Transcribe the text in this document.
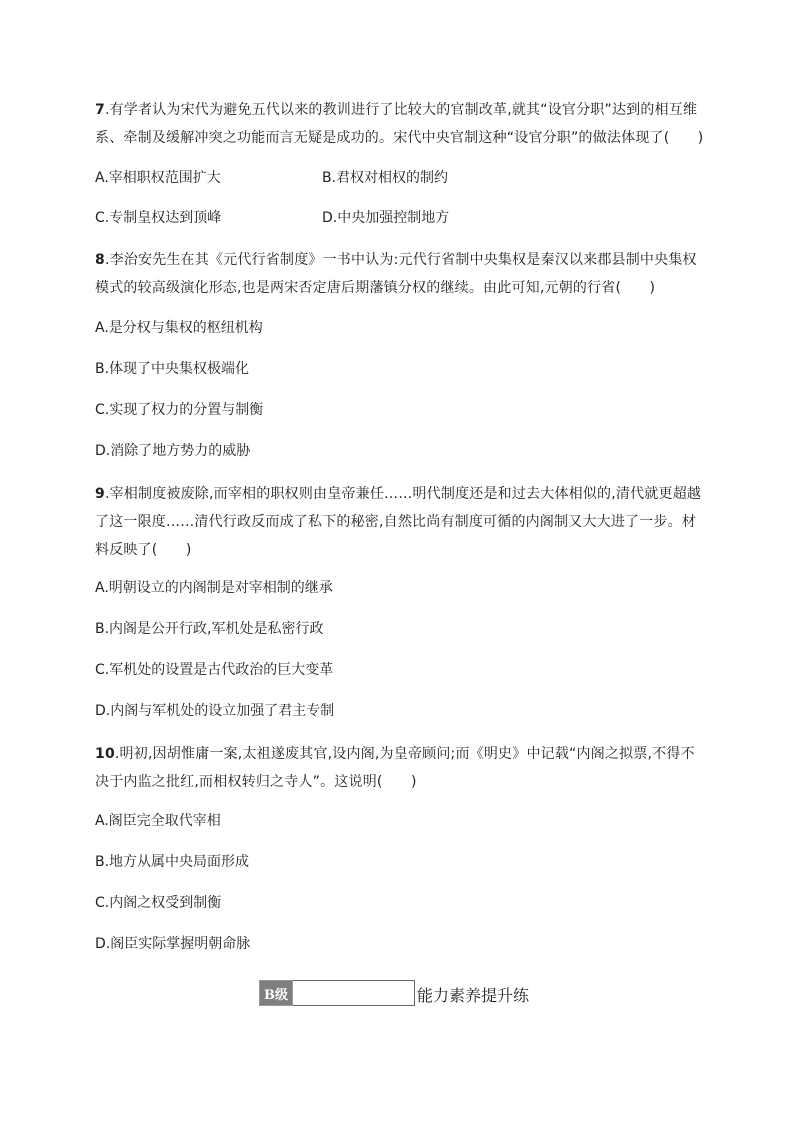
7.有学者认为宋代为避免五代以来的教训进行了比较大的官制改革,就其“设官分职”达到的相互维系、牵制及缓解冲突之功能而言无疑是成功的。宋代中央官制这种“设官分职”的做法体现了(　　)
A.宰相职权范围扩大	B.君权对相权的制约
C.专制皇权达到顶峰	D.中央加强控制地方
8.李治安先生在其《元代行省制度》一书中认为:元代行省制中央集权是秦汉以来郡县制中央集权模式的较高级演化形态,也是两宋否定唐后期藩镇分权的继续。由此可知,元朝的行省(　　)
A.是分权与集权的枢纽机构
B.体现了中央集权极端化
C.实现了权力的分置与制衡
D.消除了地方势力的威胁
9.宰相制度被废除,而宰相的职权则由皇帝兼任……明代制度还是和过去大体相似的,清代就更超越了这一限度……清代行政反而成了私下的秘密,自然比尚有制度可循的内阁制又大大进了一步。材料反映了(　　)
A.明朝设立的内阁制是对宰相制的继承
B.内阁是公开行政,军机处是私密行政
C.军机处的设置是古代政治的巨大变革
D.内阁与军机处的设立加强了君主专制
10.明初,因胡惟庸一案,太祖遂废其官,设内阁,为皇帝顾问;而《明史》中记载“内阁之拟票,不得不决于内监之批红,而相权转归之寺人”。这说明(　　)
A.阁臣完全取代宰相
B.地方从属中央局面形成
C.内阁之权受到制衡
D.阁臣实际掌握明朝命脉
B级	能力素养提升练
